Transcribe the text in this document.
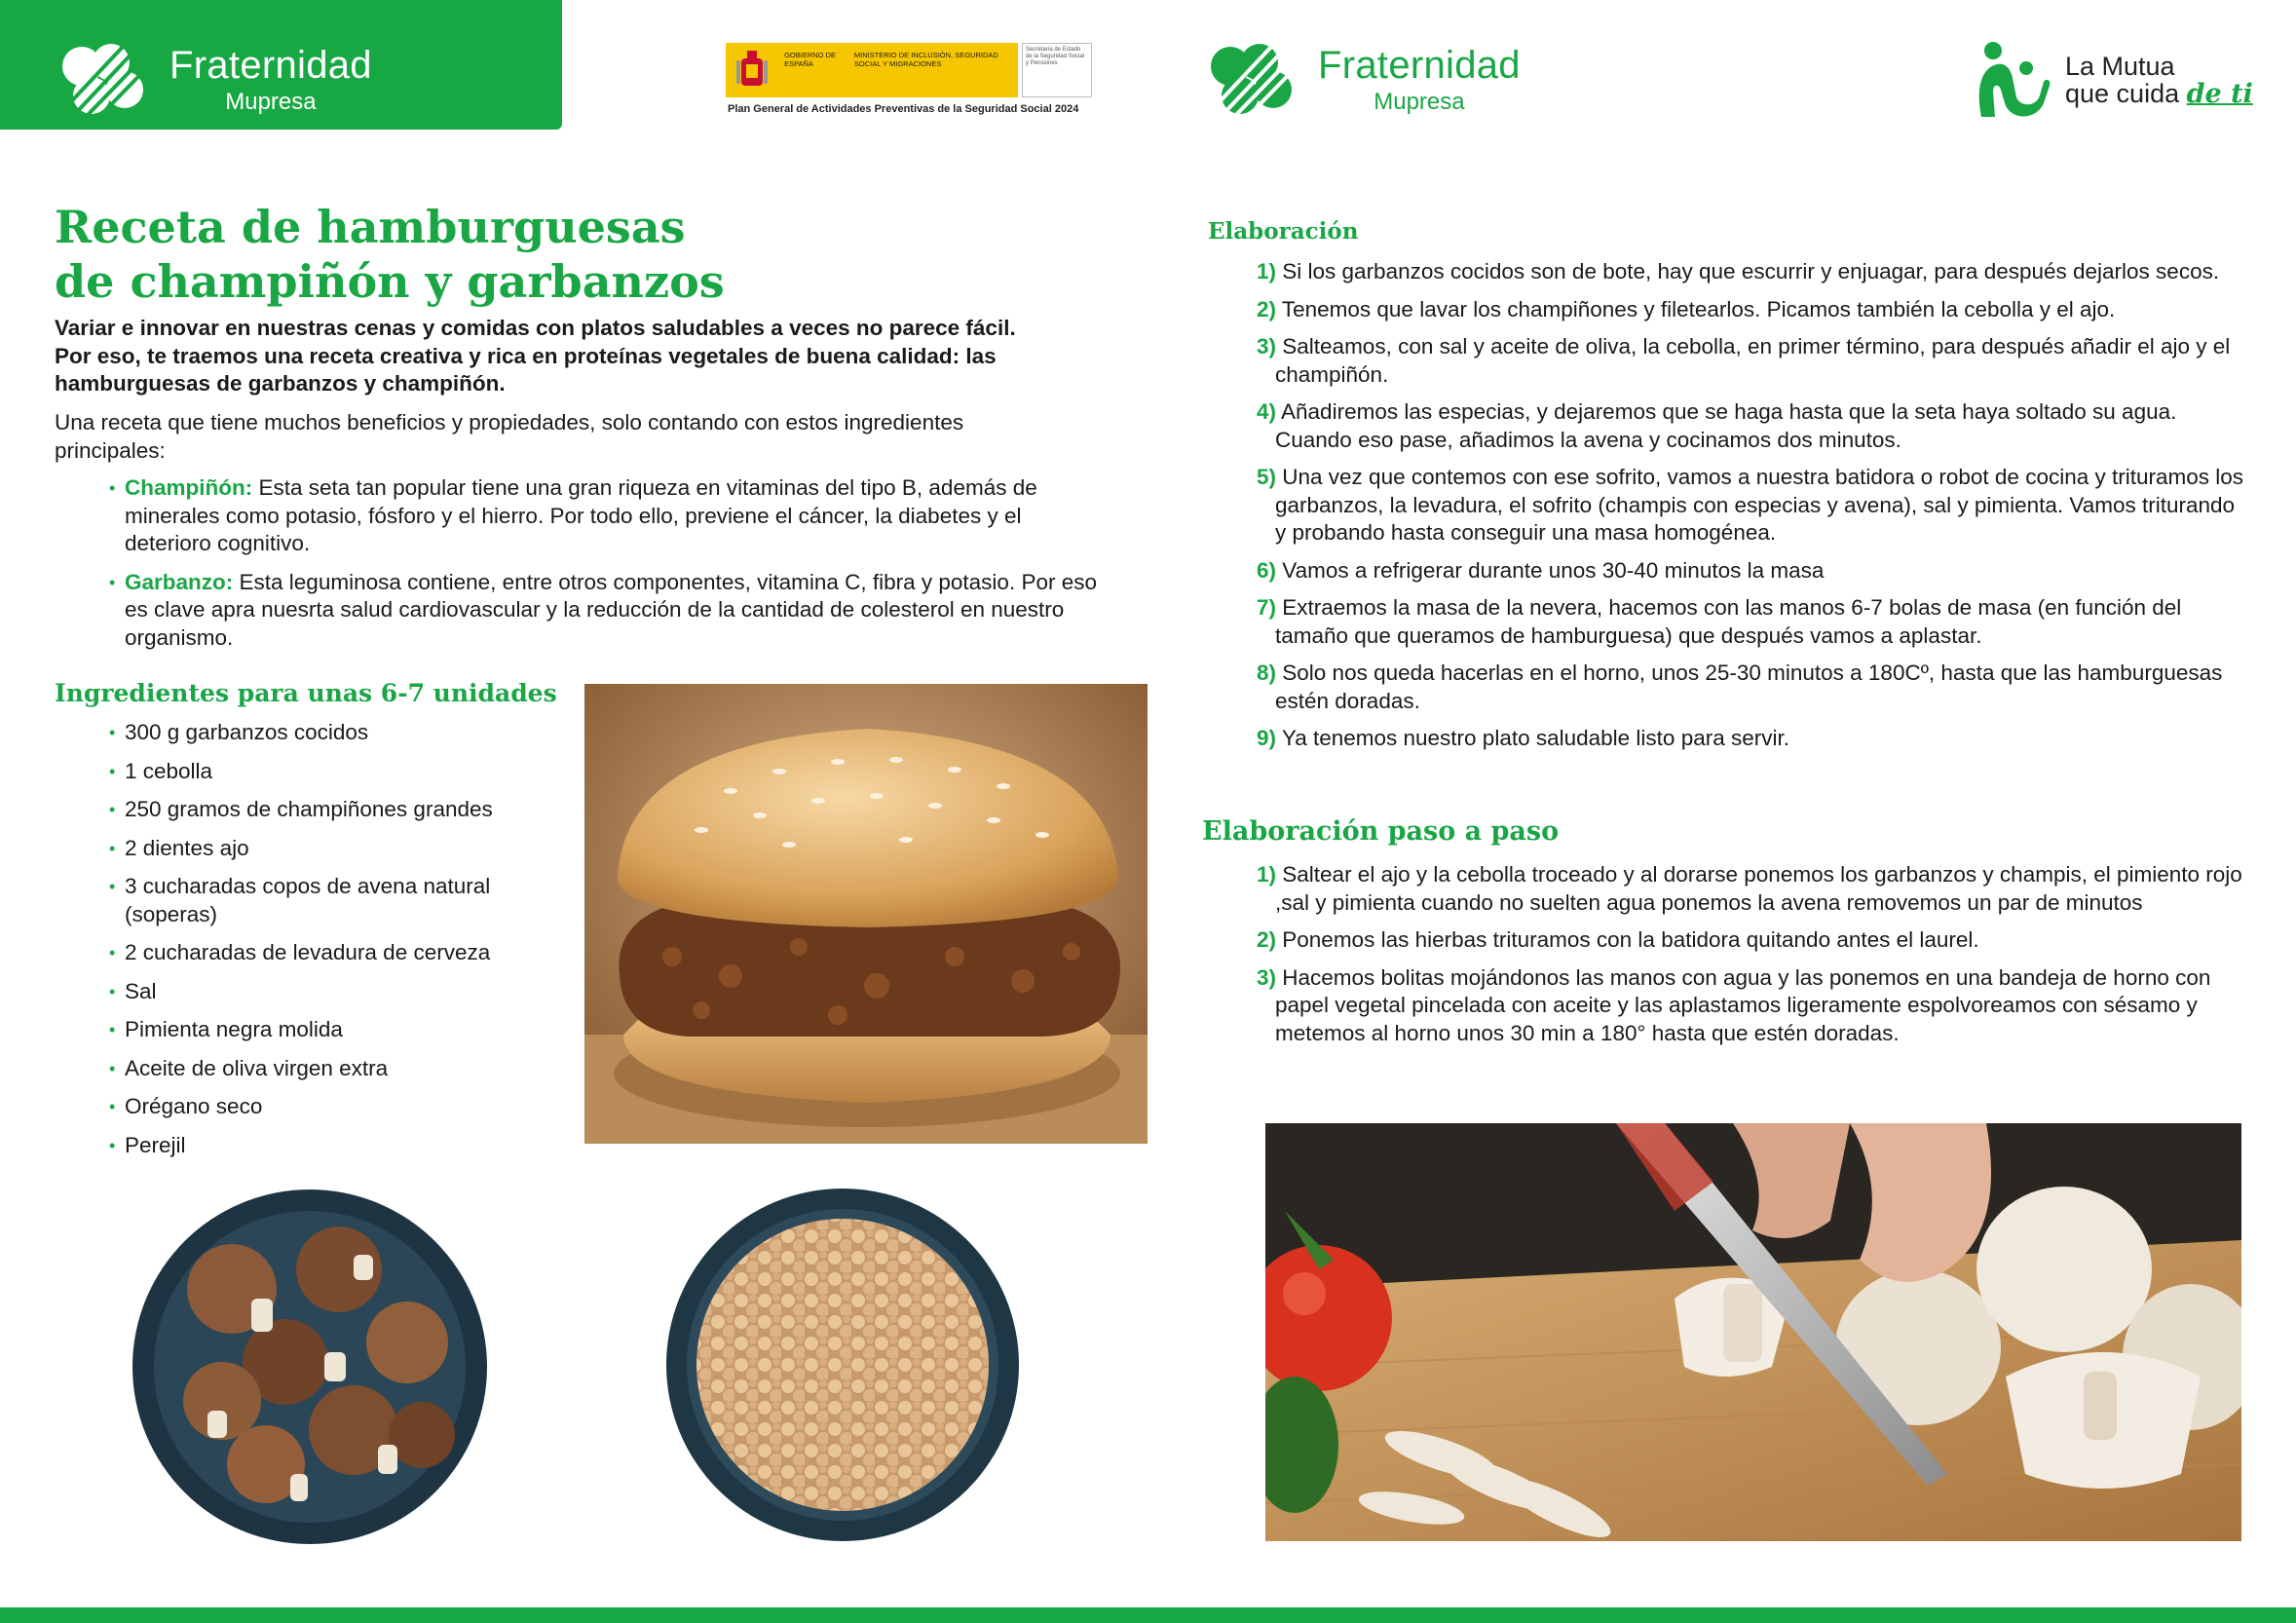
Fraternidad
Mupresa
GOBIERNO DE ESPAÑA
MINISTERIO DE INCLUSIÓN, SEGURIDAD SOCIAL Y MIGRACIONES
Secretaría de Estado de la Seguridad Social y Pensiones
Plan General de Actividades Preventivas de la Seguridad Social 2024
Fraternidad
Mupresa
La Mutua
que cuida de ti
Receta de hamburguesas
de champiñón y garbanzos
Variar e innovar en nuestras cenas y comidas con platos saludables a veces no parece fácil. Por eso, te traemos una receta creativa y rica en proteínas vegetales de buena calidad: las hamburguesas de garbanzos y champiñón.
Una receta que tiene muchos beneficios y propiedades, solo contando con estos ingredientes principales:
• Champiñón: Esta seta tan popular tiene una gran riqueza en vitaminas del tipo B, además de minerales como potasio, fósforo y el hierro. Por todo ello, previene el cáncer, la diabetes y el deterioro cognitivo.
• Garbanzo: Esta leguminosa contiene, entre otros componentes, vitamina C, fibra y potasio. Por eso es clave apra nuesrta salud cardiovascular y la reducción de la cantidad de colesterol en nuestro organismo.
Ingredientes para unas 6-7 unidades
• 300 g garbanzos cocidos
• 1 cebolla
• 250 gramos de champiñones grandes
• 2 dientes ajo
• 3 cucharadas copos de avena natural (soperas)
• 2 cucharadas de levadura de cerveza
• Sal
• Pimienta negra molida
• Aceite de oliva virgen extra
• Orégano seco
• Perejil
Elaboración
1) Si los garbanzos cocidos son de bote, hay que escurrir y enjuagar, para después dejarlos secos.
2) Tenemos que lavar los champiñones y filetearlos. Picamos también la cebolla y el ajo.
3) Salteamos, con sal y aceite de oliva, la cebolla, en primer término, para después añadir el ajo y el champiñón.
4) Añadiremos las especias, y dejaremos que se haga hasta que la seta haya soltado su agua. Cuando eso pase, añadimos la avena y cocinamos dos minutos.
5) Una vez que contemos con ese sofrito, vamos a nuestra batidora o robot de cocina y trituramos los garbanzos, la levadura, el sofrito (champis con especias y avena), sal y pimienta. Vamos triturando y probando hasta conseguir una masa homogénea.
6) Vamos a refrigerar durante unos 30-40 minutos la masa
7) Extraemos la masa de la nevera, hacemos con las manos 6-7 bolas de masa (en función del tamaño que queramos de hamburguesa) que después vamos a aplastar.
8) Solo nos queda hacerlas en el horno, unos 25-30 minutos a 180Cº, hasta que las hamburguesas estén doradas.
9) Ya tenemos nuestro plato saludable listo para servir.
Elaboración paso a paso
1) Saltear el ajo y la cebolla troceado y al dorarse ponemos los garbanzos y champis, el pimiento rojo ,sal y pimienta cuando no suelten agua ponemos la avena removemos un par de minutos
2) Ponemos las hierbas trituramos con la batidora quitando antes el laurel.
3) Hacemos bolitas mojándonos las manos con agua y las ponemos en una bandeja de horno con papel vegetal pincelada con aceite y las aplastamos ligeramente espolvoreamos con sésamo y metemos al horno unos 30 min a 180° hasta que estén doradas.
